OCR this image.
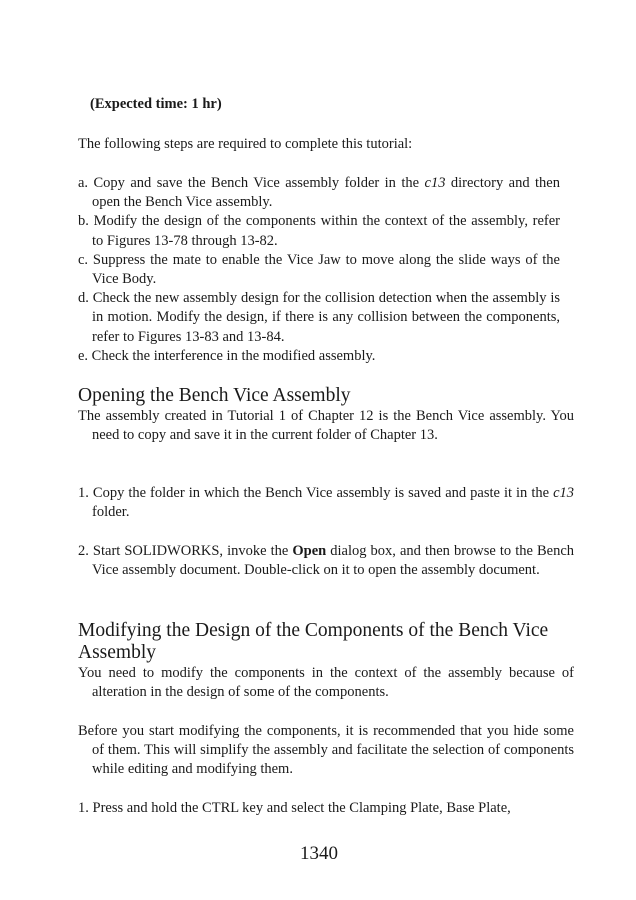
(Expected time: 1 hr)
The following steps are required to complete this tutorial:
a. Copy and save the Bench Vice assembly folder in the c13 directory and then open the Bench Vice assembly.
b. Modify the design of the components within the context of the assembly, refer to Figures 13-78 through 13-82.
c. Suppress the mate to enable the Vice Jaw to move along the slide ways of the Vice Body.
d. Check the new assembly design for the collision detection when the assembly is in motion. Modify the design, if there is any collision between the components, refer to Figures 13-83 and 13-84.
e. Check the interference in the modified assembly.
Opening the Bench Vice Assembly

The assembly created in Tutorial 1 of Chapter 12 is the Bench Vice assembly. You need to copy and save it in the current folder of Chapter 13.

1. Copy the folder in which the Bench Vice assembly is saved and paste it in the c13 folder.

2. Start SOLIDWORKS, invoke the Open dialog box, and then browse to the Bench Vice assembly document. Double-click on it to open the assembly document.

Modifying the Design of the Components of the Bench Vice Assembly

You need to modify the components in the context of the assembly because of alteration in the design of some of the components.

Before you start modifying the components, it is recommended that you hide some of them. This will simplify the assembly and facilitate the selection of components while editing and modifying them.

1. Press and hold the CTRL key and select the Clamping Plate, Base Plate,

1340
